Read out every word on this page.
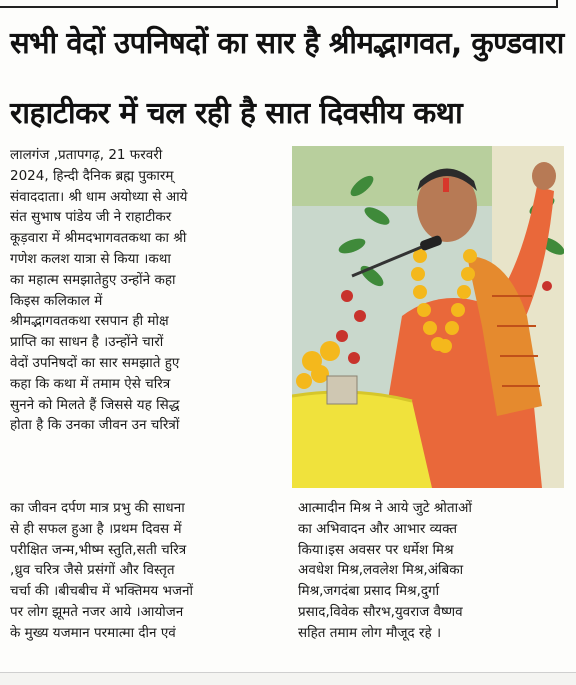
सभी वेदों उपनिषदों का सार है श्रीमद्भागवत, कुण्डवारा
राहाटीकर में चल रही है सात दिवसीय कथा
लालगंज ,प्रतापगढ़, 21 फरवरी
2024, हिन्दी दैनिक ब्रह्म पुकारम्
संवाददाता। श्री धाम अयोध्या से आये
संत सुभाष पांडेय जी ने राहाटीकर
कूड़वारा में श्रीमदभागवतकथा का श्री
गणेश कलश यात्रा से किया ।कथा
का महात्म समझातेहुए उन्होंने कहा
किइस कलिकाल में
श्रीमद्भागवतकथा रसपान ही मोक्ष
प्राप्ति का साधन है ।उन्होंने चारों
वेदों उपनिषदों का सार समझाते हुए
कहा कि कथा में तमाम ऐसे चरित्र
सुनने को मिलते हैं जिससे यह सिद्ध
होता है कि उनका जीवन उन चरित्रों
का जीवन दर्पण मात्र प्रभु की साधना
से ही सफल हुआ है ।प्रथम दिवस में
परीक्षित जन्म,भीष्म स्तुति,सती चरित्र
,ध्रुव चरित्र जैसे प्रसंगों और विस्तृत
चर्चा की ।बीचबीच में भक्तिमय भजनों
पर लोग झूमते नजर आये ।आयोजन
के मुख्य यजमान परमात्मा दीन एवं
आत्मादीन मिश्र ने आये जुटे श्रोताओं
का अभिवादन और आभार व्यक्त
किया।इस अवसर पर धर्मेश मिश्र
अवधेश मिश्र,लवलेश मिश्र,अंबिका
मिश्र,जगदंबा प्रसाद मिश्र,दुर्गा
प्रसाद,विवेक सौरभ,युवराज वैष्णव
सहित तमाम लोग मौजूद रहे ।
